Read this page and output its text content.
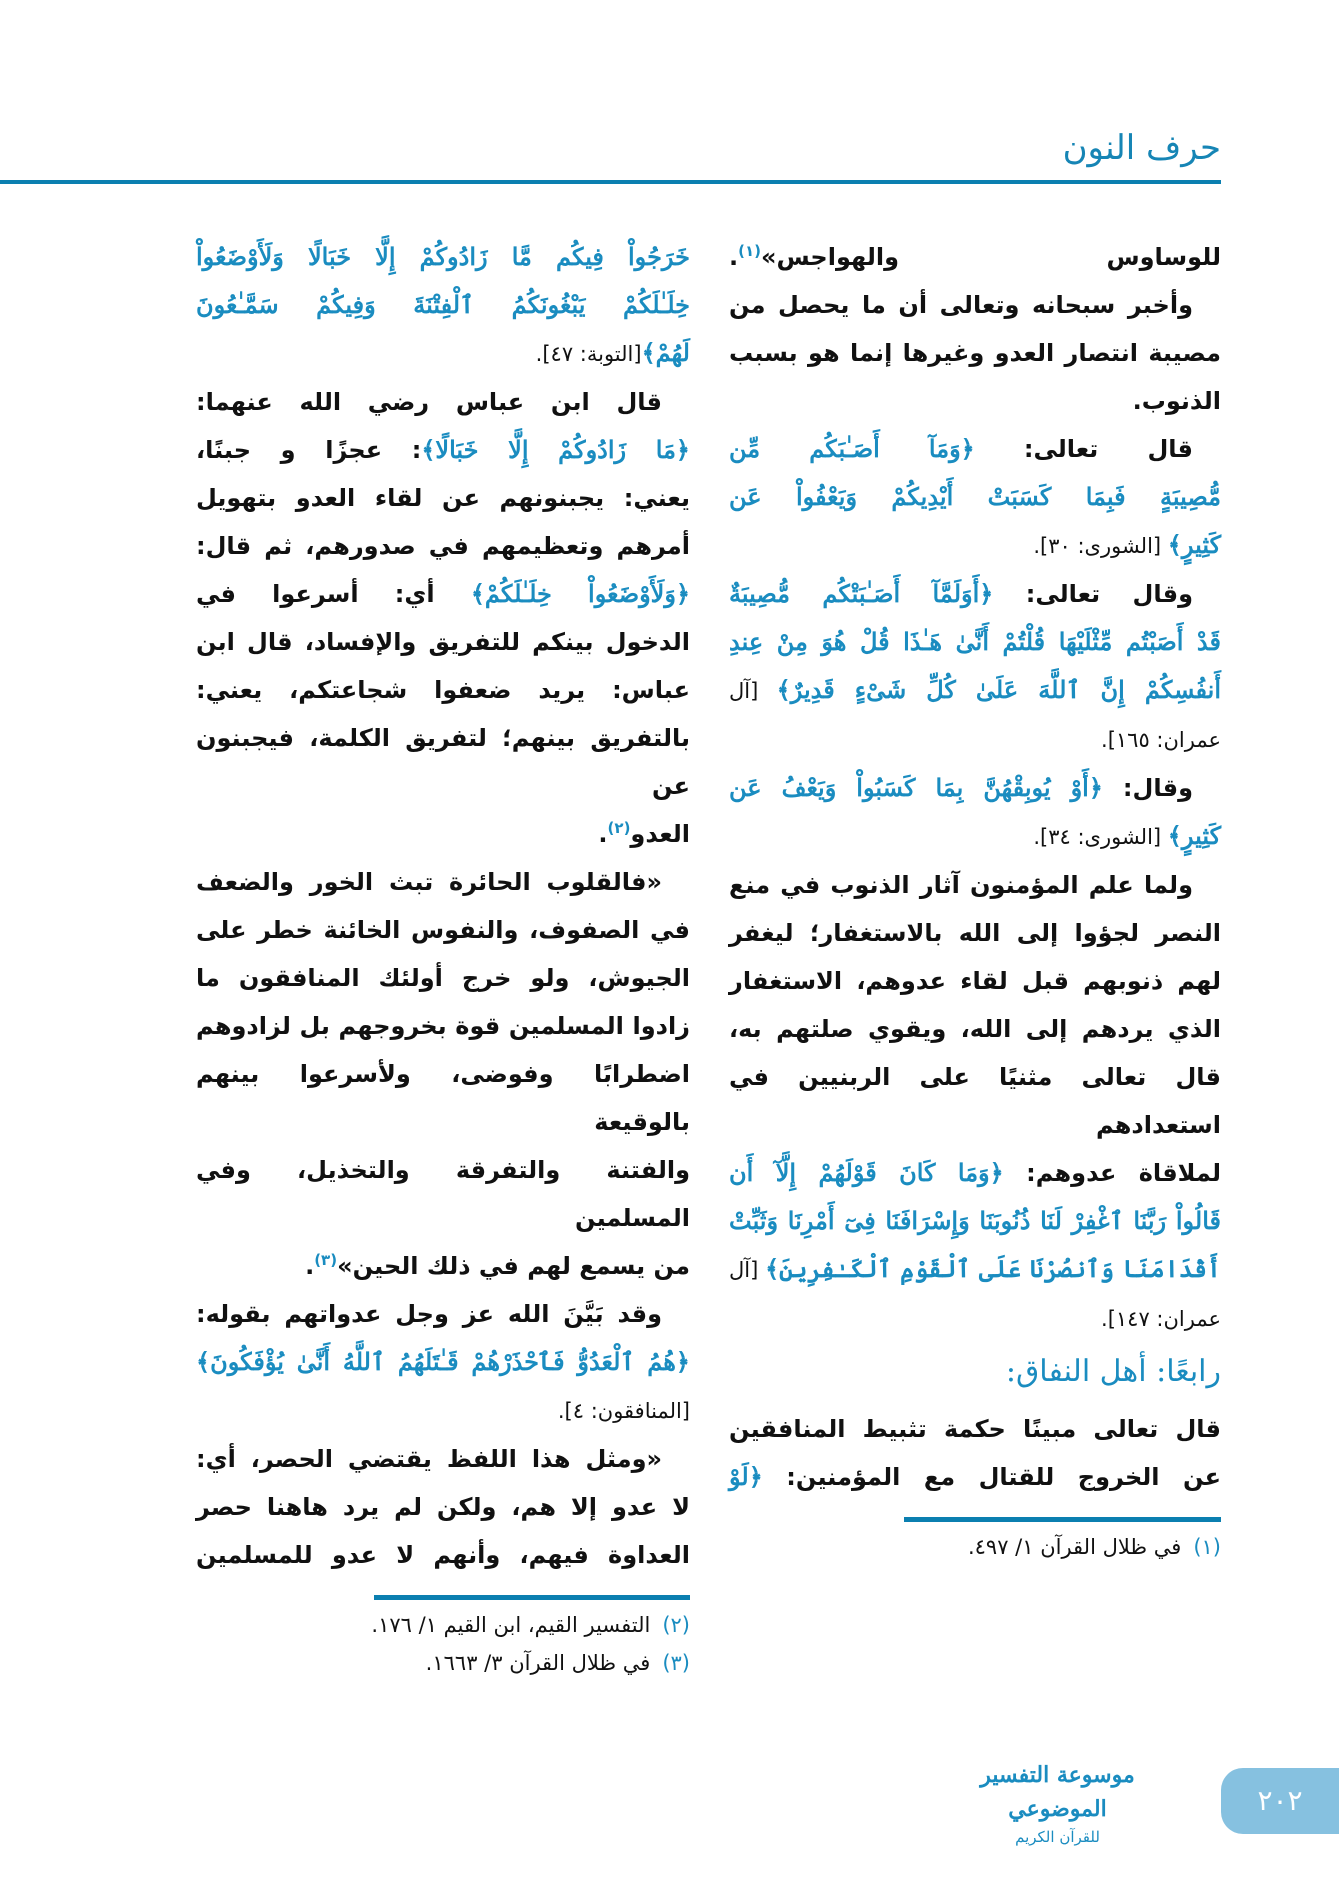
حرف النون
للوساوس والهواجس»$^{(١)}$.
وأخبر سبحانه وتعالى أن ما يحصل من
مصيبة انتصار العدو وغيرها إنما هو بسبب
الذنوب.
قال تعالى: ﴿وَمَآ أَصَـٰبَكُم مِّن
مُّصِيبَةٍ فَبِمَا كَسَبَتْ أَيْدِيكُمْ وَيَعْفُواْ عَن
كَثِيرٍ﴾ [الشورى: ٣٠].
وقال تعالى: ﴿أَوَلَمَّآ أَصَـٰبَتْكُم مُّصِيبَةٌ
قَدْ أَصَبْتُم مِّثْلَيْهَا قُلْتُمْ أَنَّىٰ هَـٰذَا قُلْ هُوَ مِنْ عِندِ
أَنفُسِكُمْ إِنَّ ٱللَّهَ عَلَىٰ كُلِّ شَىْءٍ قَدِيرٌ﴾ [آل
عمران: ١٦٥].
وقال: ﴿أَوْ يُوبِقْهُنَّ بِمَا كَسَبُواْ وَيَعْفُ عَن
كَثِيرٍ﴾ [الشورى: ٣٤].
ولما علم المؤمنون آثار الذنوب في منع
النصر لجؤوا إلى الله بالاستغفار؛ ليغفر
لهم ذنوبهم قبل لقاء عدوهم، الاستغفار
الذي يردهم إلى الله، ويقوي صلتهم به،
قال تعالى مثنيًا على الربنيين في استعدادهم
لملاقاة عدوهم: ﴿وَمَا كَانَ قَوْلَهُمْ إِلَّآ أَن
قَالُواْ رَبَّنَا ٱغْفِرْ لَنَا ذُنُوبَنَا وَإِسْرَافَنَا فِىٓ أَمْرِنَا وَثَبِّتْ
أَقْدَامَنَا وَٱنصُرْنَا عَلَى ٱلْقَوْمِ ٱلْكَـٰفِرِينَ﴾ [آل
عمران: ١٤٧].
رابعًا: أهل النفاق:
قال تعالى مبينًا حكمة تثبيط المنافقين
عن الخروج للقتال مع المؤمنين: ﴿لَوْ
(١)في ظلال القرآن ١/ ٤٩٧.
خَرَجُواْ فِيكُم مَّا زَادُوكُمْ إِلَّا خَبَالًا وَلَأَوْضَعُواْ
خِلَـٰلَكُمْ يَبْغُونَكُمُ ٱلْفِتْنَةَ وَفِيكُمْ سَمَّـٰعُونَ
لَهُمْ﴾[التوبة: ٤٧].
قال ابن عباس رضي الله عنهما:
﴿مَا زَادُوكُمْ إِلَّا خَبَالًا﴾: عجزًا و جبنًا،
يعني: يجبنونهم عن لقاء العدو بتهويل
أمرهم وتعظيمهم في صدورهم، ثم قال:
﴿وَلَأَوْضَعُواْ خِلَـٰلَكُمْ﴾ أي: أسرعوا في
الدخول بينكم للتفريق والإفساد، قال ابن
عباس: يريد ضعفوا شجاعتكم، يعني:
بالتفريق بينهم؛ لتفريق الكلمة، فيجبنون عن
العدو$^{(٢)}$.
«فالقلوب الحائرة تبث الخور والضعف
في الصفوف، والنفوس الخائنة خطر على
الجيوش، ولو خرج أولئك المنافقون ما
زادوا المسلمين قوة بخروجهم بل لزادوهم
اضطرابًا وفوضى، ولأسرعوا بينهم بالوقيعة
والفتنة والتفرقة والتخذيل، وفي المسلمين
من يسمع لهم في ذلك الحين»$^{(٣)}$.
وقد بَيَّنَ الله عز وجل عدواتهم بقوله:
﴿هُمُ ٱلْعَدُوُّ فَٱحْذَرْهُمْ قَـٰتَلَهُمُ ٱللَّهُ أَنَّىٰ يُؤْفَكُونَ﴾
[المنافقون: ٤].
«ومثل هذا اللفظ يقتضي الحصر، أي:
لا عدو إلا هم، ولكن لم يرد هاهنا حصر
العداوة فيهم، وأنهم لا عدو للمسلمين
(٢)التفسير القيم، ابن القيم ١/ ١٧٦.
(٣)في ظلال القرآن ٣/ ١٦٦٣.
موسوعة التفسير الموضوعي
للقرآن الكريم
٢٠٢
